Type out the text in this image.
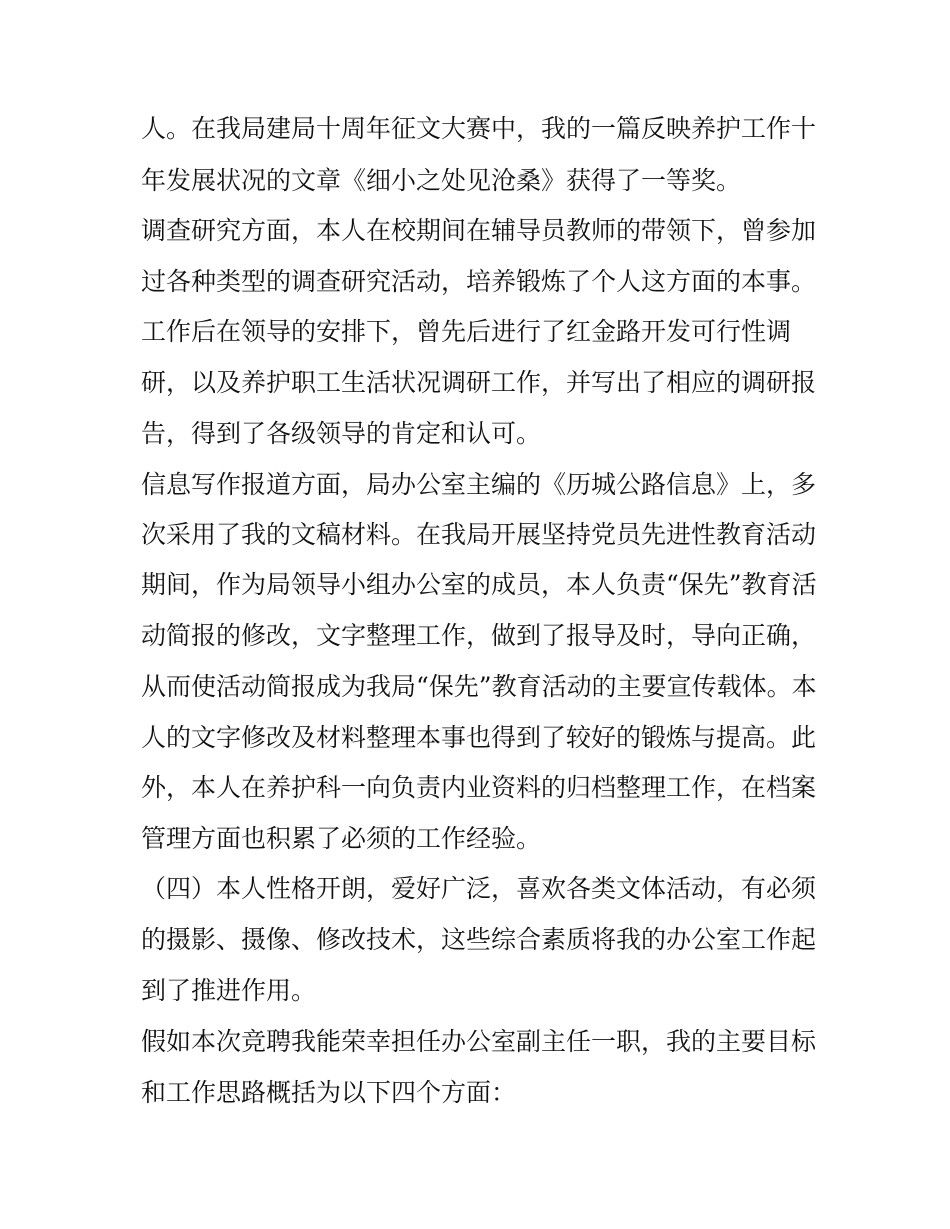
人。在我局建局十周年征文大赛中，我的一篇反映养护工作十
年发展状况的文章《细小之处见沧桑》获得了一等奖。
调查研究方面，本人在校期间在辅导员教师的带领下，曾参加
过各种类型的调查研究活动，培养锻炼了个人这方面的本事。
工作后在领导的安排下，曾先后进行了红金路开发可行性调
研，以及养护职工生活状况调研工作，并写出了相应的调研报
告，得到了各级领导的肯定和认可。
信息写作报道方面，局办公室主编的《历城公路信息》上，多
次采用了我的文稿材料。在我局开展坚持党员先进性教育活动
期间，作为局领导小组办公室的成员，本人负责“保先”教育活
动简报的修改，文字整理工作，做到了报导及时，导向正确，
从而使活动简报成为我局“保先”教育活动的主要宣传载体。本
人的文字修改及材料整理本事也得到了较好的锻炼与提高。此
外，本人在养护科一向负责内业资料的归档整理工作，在档案
管理方面也积累了必须的工作经验。
（四）本人性格开朗，爱好广泛，喜欢各类文体活动，有必须
的摄影、摄像、修改技术，这些综合素质将我的办公室工作起
到了推进作用。
假如本次竞聘我能荣幸担任办公室副主任一职，我的主要目标
和工作思路概括为以下四个方面：
